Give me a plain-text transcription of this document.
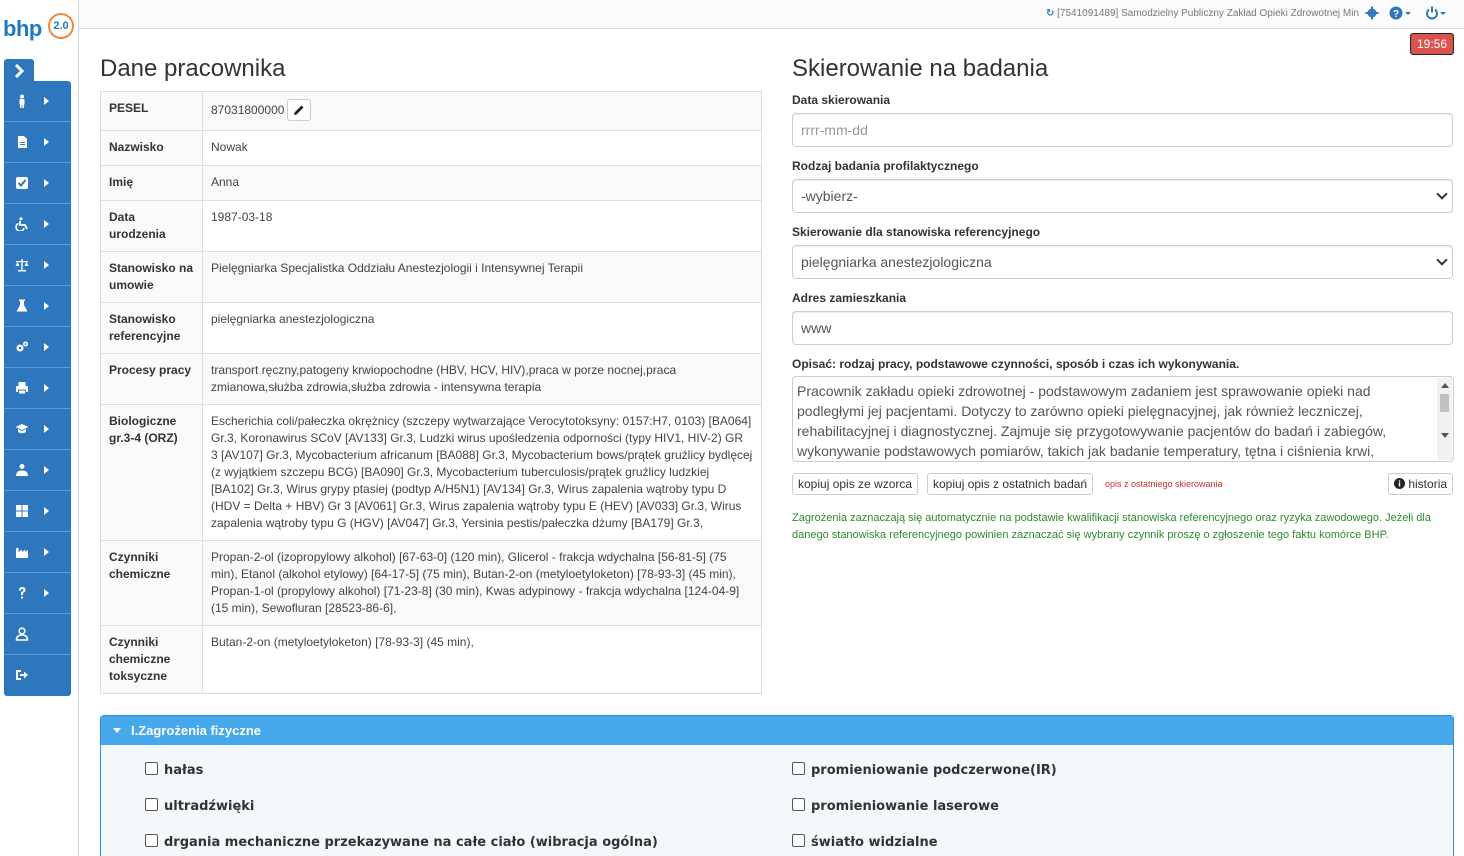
bhp	2.0
↻ [7541091489] Samodzielny Publiczny Zakład Opieki Zdrowotnej Min	?
19:56
Dane pracownika
PESEL	87031800000

Nazwisko	Nowak
Imię	Anna
Data urodzenia	1987-03-18
Stanowisko na umowie	Pielęgniarka Specjalistka Oddziału Anestezjologii i Intensywnej Terapii
Stanowisko referencyjne	pielęgniarka anestezjologiczna
Procesy pracy	transport ręczny,patogeny krwiopochodne (HBV, HCV, HIV),praca w porze nocnej,praca zmianowa,służba zdrowia,służba zdrowia - intensywna terapia
Biologiczne gr.3-4 (ORZ)	Escherichia coli/pałeczka okrężnicy (szczepy wytwarzające Verocytotoksyny: 0157:H7, 0103) [BA064] Gr.3, Koronawirus SCoV [AV133] Gr.3, Ludzki wirus upośledzenia odporności (typy HIV1, HIV-2) GR 3 [AV107] Gr.3, Mycobacterium africanum [BA088] Gr.3, Mycobacterium bows/prątek gruźlicy bydlęcej (z wyjątkiem szczepu BCG) [BA090] Gr.3, Mycobacterium tuberculosis/prątek gruźlicy ludzkiej [BA102] Gr.3, Wirus grypy ptasiej (podtyp A/H5N1) [AV134] Gr.3, Wirus zapalenia wątroby typu D (HDV = Delta + HBV) Gr 3 [AV061] Gr.3, Wirus zapalenia wątroby typu E (HEV) [AV033] Gr.3, Wirus zapalenia wątroby typu G (HGV) [AV047] Gr.3, Yersinia pestis/pałeczka dżumy [BA179] Gr.3,
Czynniki chemiczne	Propan-2-ol (izopropylowy alkohol) [67-63-0] (120 min), Glicerol - frakcja wdychalna [56-81-5] (75 min), Etanol (alkohol etylowy) [64-17-5] (75 min), Butan-2-on (metyloetyloketon) [78-93-3] (45 min), Propan-1-ol (propylowy alkohol) [71-23-8] (30 min), Kwas adypinowy - frakcja wdychalna [124-04-9] (15 min), Sewofluran [28523-86-6],
Czynniki chemiczne toksyczne	Butan-2-on (metyloetyloketon) [78-93-3] (45 min),
Skierowanie na badania
Data skierowania
rrrr-mm-dd
Rodzaj badania profilaktycznego
-wybierz-
Skierowanie dla stanowiska referencyjnego
pielęgniarka anestezjologiczna
Adres zamieszkania
www
Opisać: rodzaj pracy, podstawowe czynności, sposób i czas ich wykonywania.
Pracownik zakładu opieki zdrowotnej - podstawowym zadaniem jest sprawowanie opieki nad podległymi jej pacjentami. Dotyczy to zarówno opieki pielęgnacyjnej, jak również leczniczej, rehabilitacyjnej i diagnostycznej. Zajmuje się przygotowywanie pacjentów do badań i zabiegów, wykonywanie podstawowych pomiarów, takich jak badanie temperatury, tętna i ciśnienia krwi,
kopiuj opis ze wzorca	kopiuj opis z ostatnich badań	opis z ostatniego skierowania	historia
Zagrożenia zaznaczają się automatycznie na podstawie kwalifikacji stanowiska referencyjnego oraz ryzyka zawodowego. Jeżeli dla danego stanowiska referencyjnego powinien zaznaczać się wybrany czynnik proszę o zgłoszenie tego faktu komórce BHP.
I.Zagrożenia fizyczne
hałas
ultradźwięki
drgania mechaniczne przekazywane na całe ciało (wibracja ogólna)
promieniowanie podczerwone(IR)
promieniowanie laserowe
światło widzialne
